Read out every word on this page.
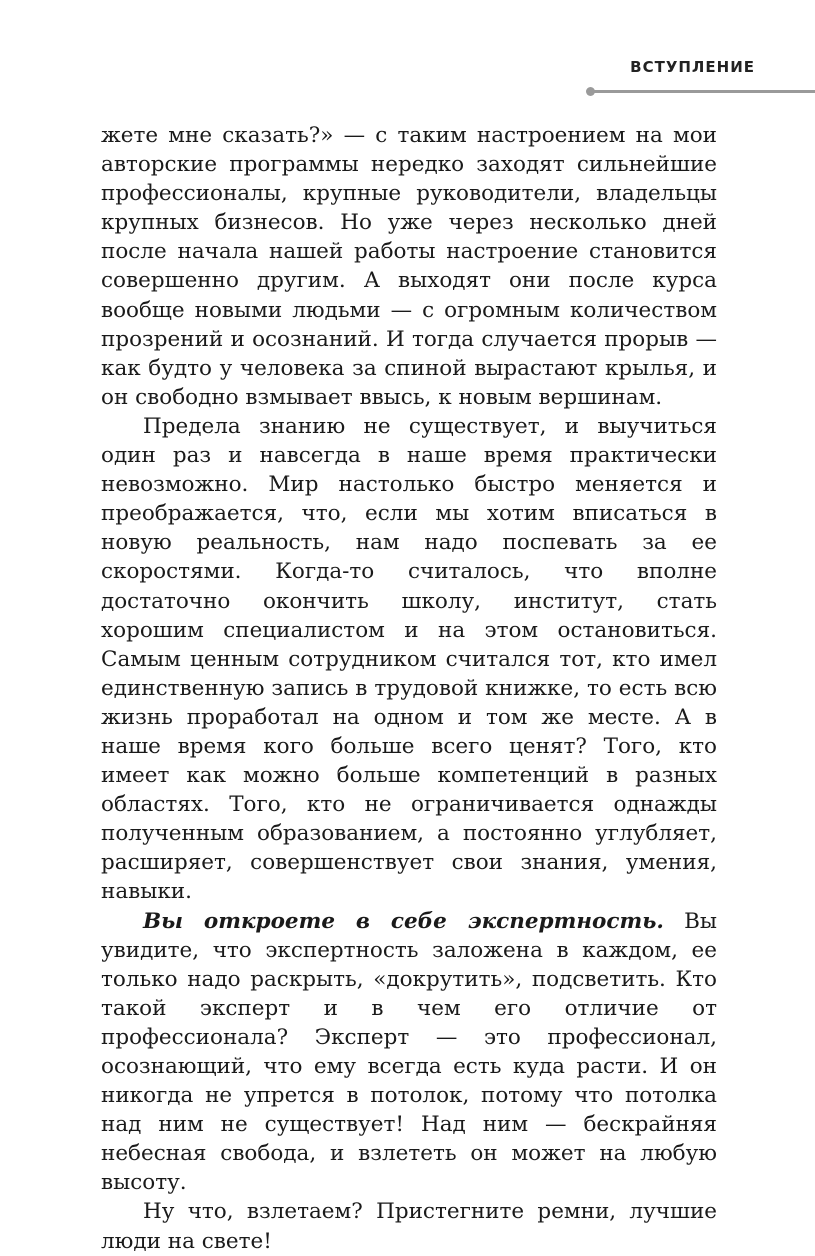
ВСТУПЛЕНИЕ

жете мне сказать?» — с таким настроением на мои авторские программы нередко заходят сильнейшие профессионалы, крупные руководители, владельцы крупных бизнесов. Но уже через несколько дней после начала нашей работы настроение становится совершенно другим. А выходят они после курса вообще новыми людьми — с огромным количеством прозрений и осознаний. И тогда случается прорыв — как будто у человека за спиной вырастают крылья, и он свободно взмывает ввысь, к новым вершинам.

Предела знанию не существует, и выучиться один раз и навсегда в наше время практически невозможно. Мир настолько быстро меняется и преображается, что, если мы хотим вписаться в новую реальность, нам надо поспевать за ее скоростями. Когда-то считалось, что вполне достаточно окончить школу, институт, стать хорошим специалистом и на этом остановиться. Самым ценным сотрудником считался тот, кто имел единственную запись в трудовой книжке, то есть всю жизнь проработал на одном и том же месте. А в наше время кого больше всего ценят? Того, кто имеет как можно больше компетенций в разных областях. Того, кто не ограничивается однажды полученным образованием, а постоянно углубляет, расширяет, совершенствует свои знания, умения, навыки.

Вы откроете в себе экспертность. Вы увидите, что экспертность заложена в каждом, ее только надо раскрыть, «докрутить», подсветить. Кто такой эксперт и в чем его отличие от профессионала? Эксперт — это профессионал, осознающий, что ему всегда есть куда расти. И он никогда не упрется в потолок, потому что потолка над ним не существует! Над ним — бескрайняя небесная свобода, и взлететь он может на любую высоту.

Ну что, взлетаем? Пристегните ремни, лучшие люди на свете!
